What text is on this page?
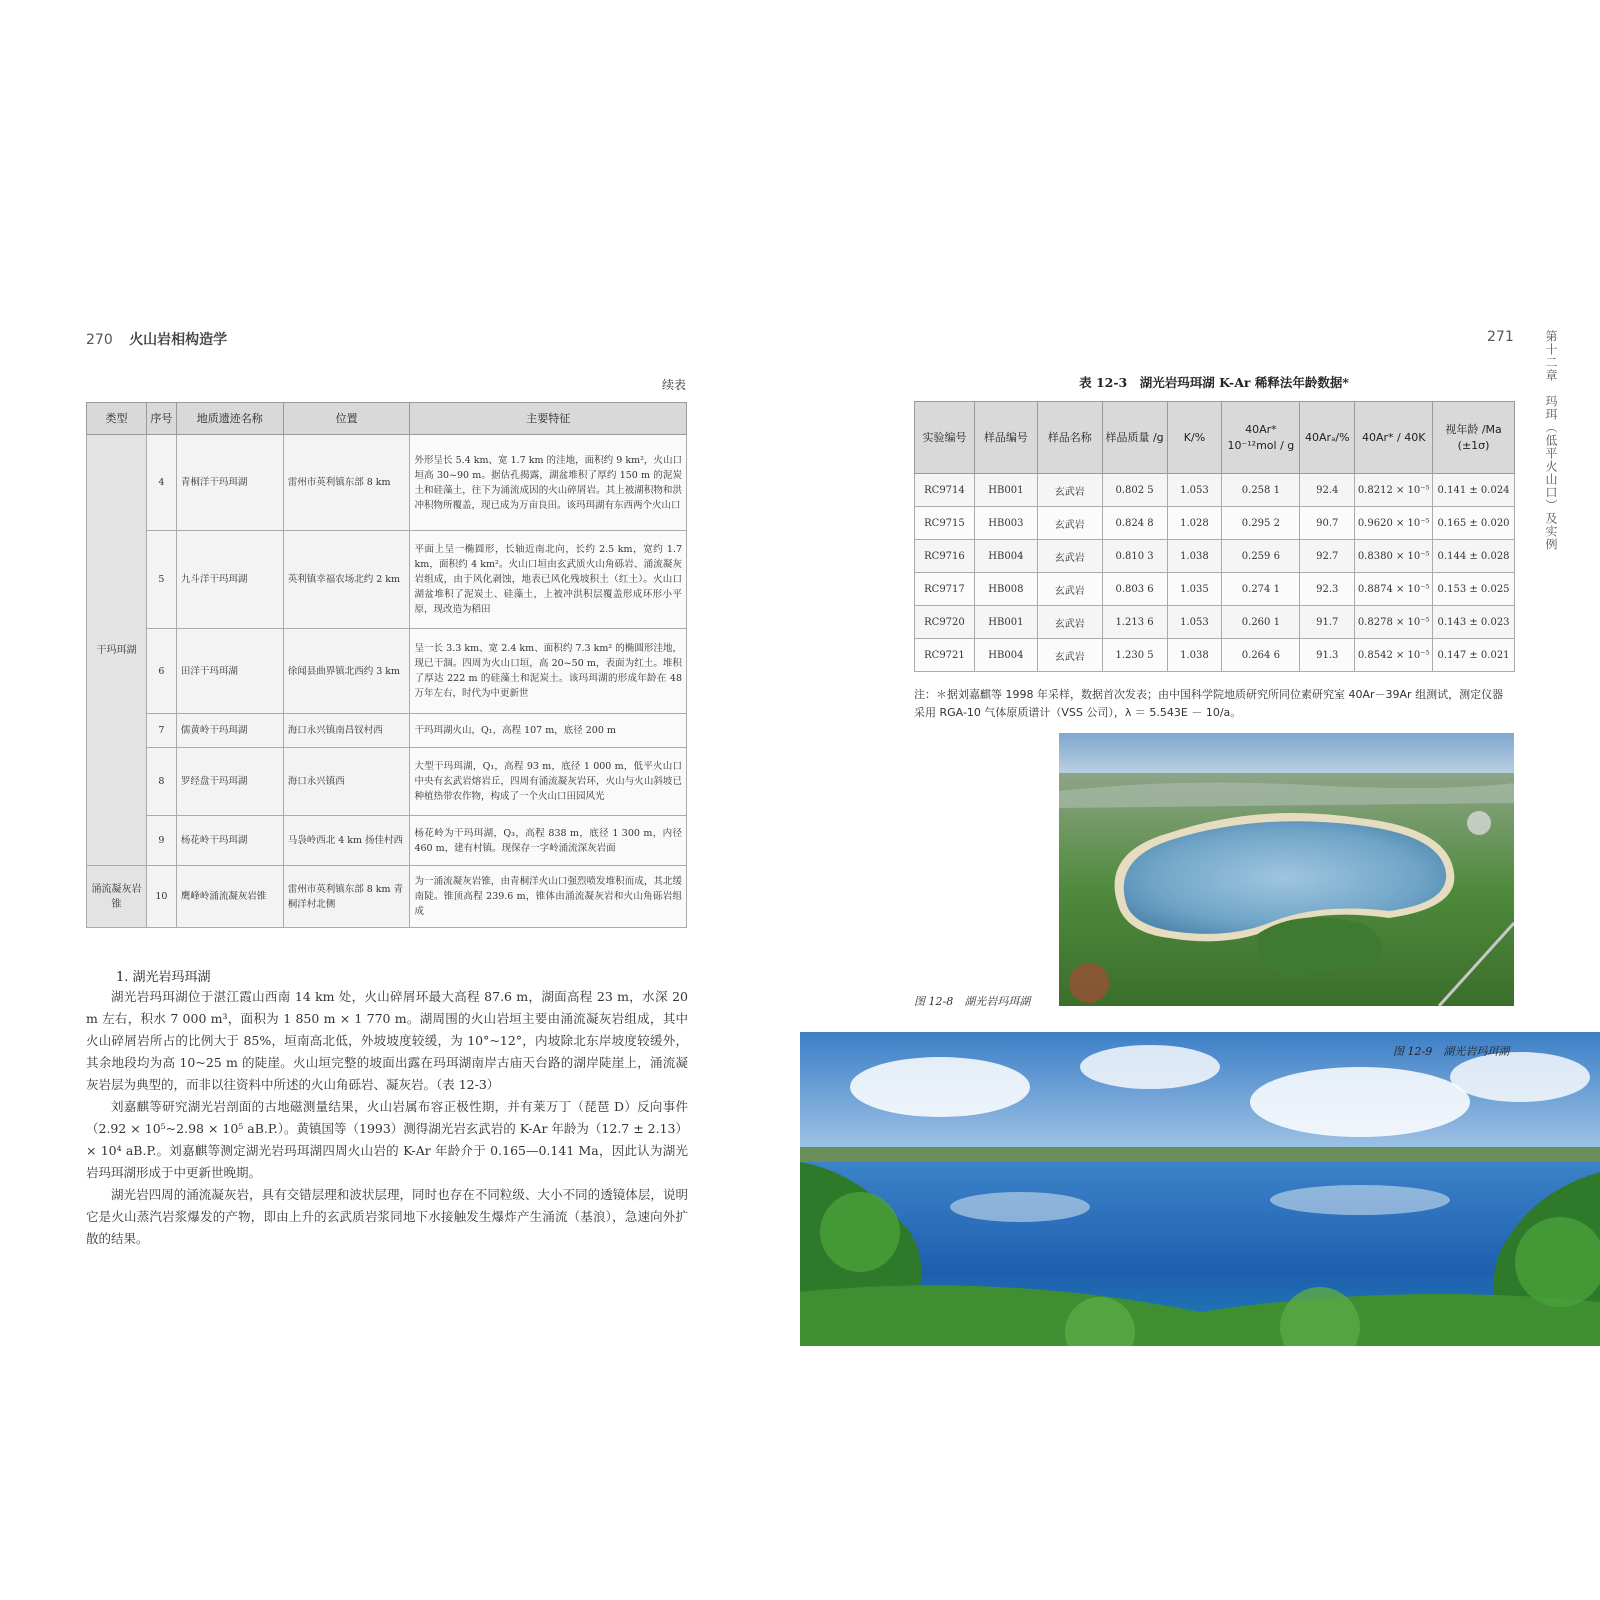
270 火山岩相构造学	271	第十二章　玛珥（低平火山口）及实例
续表
类型	序号	地质遗迹名称	位置	主要特征
干玛珥湖	4	青桐洋干玛珥湖	雷州市英利镇东部 8 km	外形呈长 5.4 km、宽 1.7 km 的洼地，面积约 9 km²，火山口垣高 30~90 m。据估孔揭露，湖盆堆积了厚约 150 m 的泥炭土和硅藻土，往下为涌流成因的火山碎屑岩。其上被湖积物和洪冲积物所覆盖，现已成为万亩良田。该玛珥湖有东西两个火山口
	5	九斗洋干玛珥湖	英利镇幸福农场北约 2 km	平面上呈一椭圆形，长轴近南北向，长约 2.5 km，宽约 1.7 km，面积约 4 km²。火山口垣由玄武质火山角砾岩、涌流凝灰岩组成，由于风化剥蚀，地表已风化残坡积土（红土）。火山口湖盆堆积了泥炭土、硅藻土，上被冲洪积层覆盖形成环形小平原，现改造为稻田
	6	田洋干玛珥湖	徐闻县曲界镇北西约 3 km	呈一长 3.3 km、宽 2.4 km、面积约 7.3 km² 的椭圆形洼地，现已干涸。四周为火山口垣，高 20~50 m，表面为红土。堆积了厚达 222 m 的硅藻土和泥炭土。该玛珥湖的形成年龄在 48 万年左右，时代为中更新世
	7	儒黄岭干玛珥湖	海口永兴镇南昌钗村西	干玛珥湖火山，Q₁，高程 107 m，底径 200 m
	8	罗经盘干玛珥湖	海口永兴镇西	大型干玛珥湖，Q₁，高程 93 m，底径 1 000 m，低平火山口中央有玄武岩熔岩丘，四周有涌流凝灰岩环，火山与火山斜坡已种植热带农作物，构成了一个火山口田园风光
	9	杨花岭干玛珥湖	马袅岭西北 4 km 扬佳村西	杨花岭为干玛珥湖，Q₃，高程 838 m，底径 1 300 m，内径 460 m，建有村镇。现保存一字岭涌流深灰岩面
涌流凝灰岩锥	10	鹰峰岭涌流凝灰岩锥	雷州市英利镇东部 8 km 青桐洋村北侧	为一涌流凝灰岩锥，由青桐洋火山口强烈喷发堆积而成，其北缓南陡。锥顶高程 239.6 m，锥体由涌流凝灰岩和火山角砾岩组成
1. 湖光岩玛珥湖

湖光岩玛珥湖位于湛江霞山西南 14 km 处，火山碎屑环最大高程 87.6 m，湖面高程 23 m，水深 20 m 左右，积水 7 000 m³，面积为 1 850 m × 1 770 m。湖周围的火山岩垣主要由涌流凝灰岩组成，其中火山碎屑岩所占的比例大于 85%，垣南高北低，外坡坡度较缓，为 10°~12°，内坡除北东岸坡度较缓外，其余地段均为高 10~25 m 的陡崖。火山垣完整的坡面出露在玛珥湖南岸古庙天台路的湖岸陡崖上，涌流凝灰岩层为典型的，而非以往资料中所述的火山角砾岩、凝灰岩。（表 12-3）

刘嘉麒等研究湖光岩剖面的古地磁测量结果，火山岩属布容正极性期，并有莱万丁（琵琶 D）反向事件（2.92 × 10⁵~2.98 × 10⁵ aB.P.）。黄镇国等（1993）测得湖光岩玄武岩的 K-Ar 年龄为（12.7 ± 2.13）× 10⁴ aB.P.。刘嘉麒等测定湖光岩玛珥湖四周火山岩的 K-Ar 年龄介于 0.165—0.141 Ma，因此认为湖光岩玛珥湖形成于中更新世晚期。

湖光岩四周的涌流凝灰岩，具有交错层理和波状层理，同时也存在不同粒级、大小不同的透镜体层，说明它是火山蒸汽岩浆爆发的产物，即由上升的玄武质岩浆同地下水接触发生爆炸产生涌流（基浪），急速向外扩散的结果。

表 12-3　湖光岩玛珥湖 K-Ar 稀释法年龄数据*
实验编号	样品编号	样品名称	样品质量 /g	K/%	40Ar* 10⁻¹²mol / g	40Arₐ/%	40Ar* / 40K	视年龄 /Ma (±1σ)
RC9714	HB001	玄武岩	0.802 5	1.053	0.258 1	92.4	0.8212 × 10⁻⁵	0.141 ± 0.024
RC9715	HB003	玄武岩	0.824 8	1.028	0.295 2	90.7	0.9620 × 10⁻⁵	0.165 ± 0.020
RC9716	HB004	玄武岩	0.810 3	1.038	0.259 6	92.7	0.8380 × 10⁻⁵	0.144 ± 0.028
RC9717	HB008	玄武岩	0.803 6	1.035	0.274 1	92.3	0.8874 × 10⁻⁵	0.153 ± 0.025
RC9720	HB001	玄武岩	1.213 6	1.053	0.260 1	91.7	0.8278 × 10⁻⁵	0.143 ± 0.023
RC9721	HB004	玄武岩	1.230 5	1.038	0.264 6	91.3	0.8542 × 10⁻⁵	0.147 ± 0.021
注：＊据刘嘉麒等 1998 年采样，数据首次发表；由中国科学院地质研究所同位素研究室 40Ar－39Ar 组测试，测定仪器采用 RGA-10 气体原质谱计（VSS 公司），λ ＝ 5.543E － 10/a。
图 12-8　湖光岩玛珥湖
图 12-9　湖光岩玛珥湖
